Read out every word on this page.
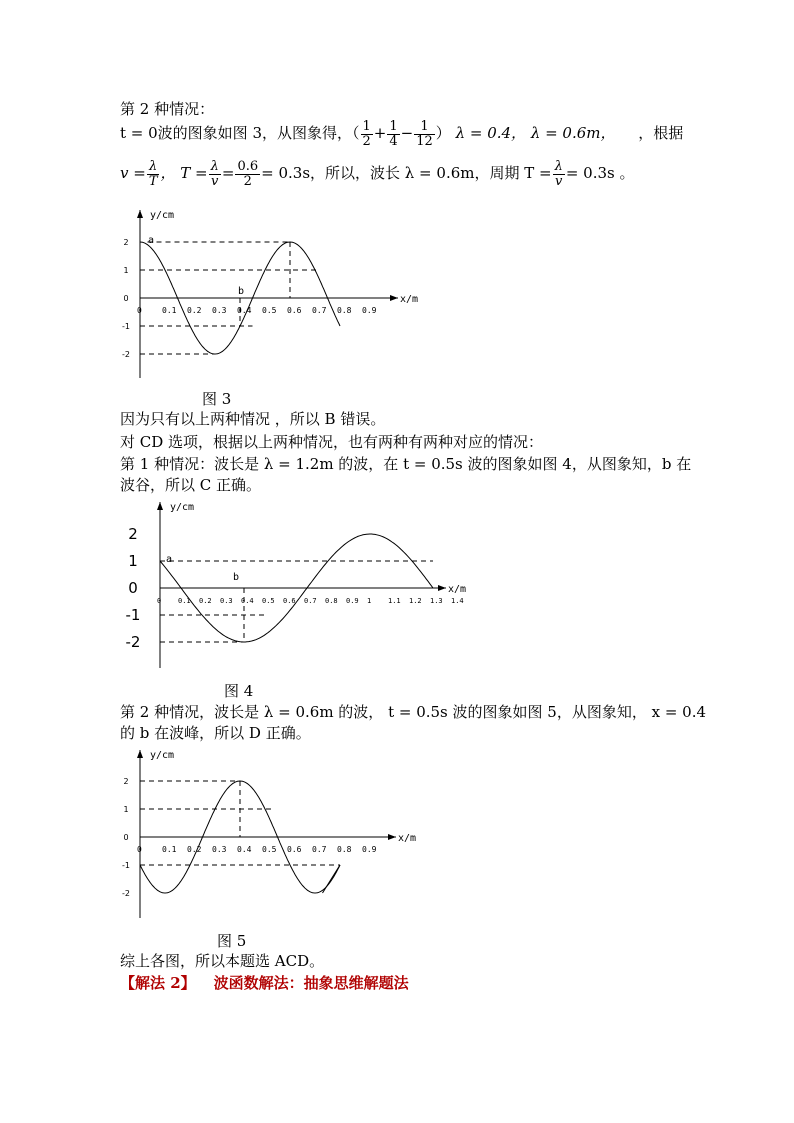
第 2 种情况：
t = 0波的图象如图 3，从图象得，（ $\frac{1}{2} + \frac{1}{4} - \frac{1}{12}$ ） λ = 0.4， λ = 0.6m， ，根据
$v = \frac{\lambda}{T}$ ， $T = \frac{\lambda}{v} = \frac{0.6}{2} = 0.3s$，所以，波长 λ = 0.6m，周期 $T = \frac{\lambda}{v} = 0.3s$ 。
y/cm
x/m
0	0.1 0.2 0.3 0.4 0.5 0.6 0.7 0.8 0.9
2
1
0
-1
-2
a
b
y/cm
x/m
0 0.1 0.2 0.3 0.4 0.5 0.6 0.7 0.8 0.9 1 1.1 1.2 1.3 1.4
2
1
0
-1
-2
a
b
y/cm
x/m
0	0.1 0.2 0.3 0.4 0.5 0.6 0.7 0.8 0.9
2
1
0
-1
-2
图 3
因为只有以上两种情况 ，所以 B 错误。
对 CD 选项，根据以上两种情况，也有两种有两种对应的情况：
第 1 种情况：波长是 λ = 1.2m 的波，在 t = 0.5s 波的图象如图 4，从图象知，b 在
波谷，所以 C 正确。
图 4
第 2 种情况，波长是 λ = 0.6m 的波， t = 0.5s 波的图象如图 5，从图象知， x = 0.4
的 b 在波峰，所以 D 正确。
图 5
综上各图，所以本题选 ACD。
【解法 2】 波函数解法：抽象思维解题法
